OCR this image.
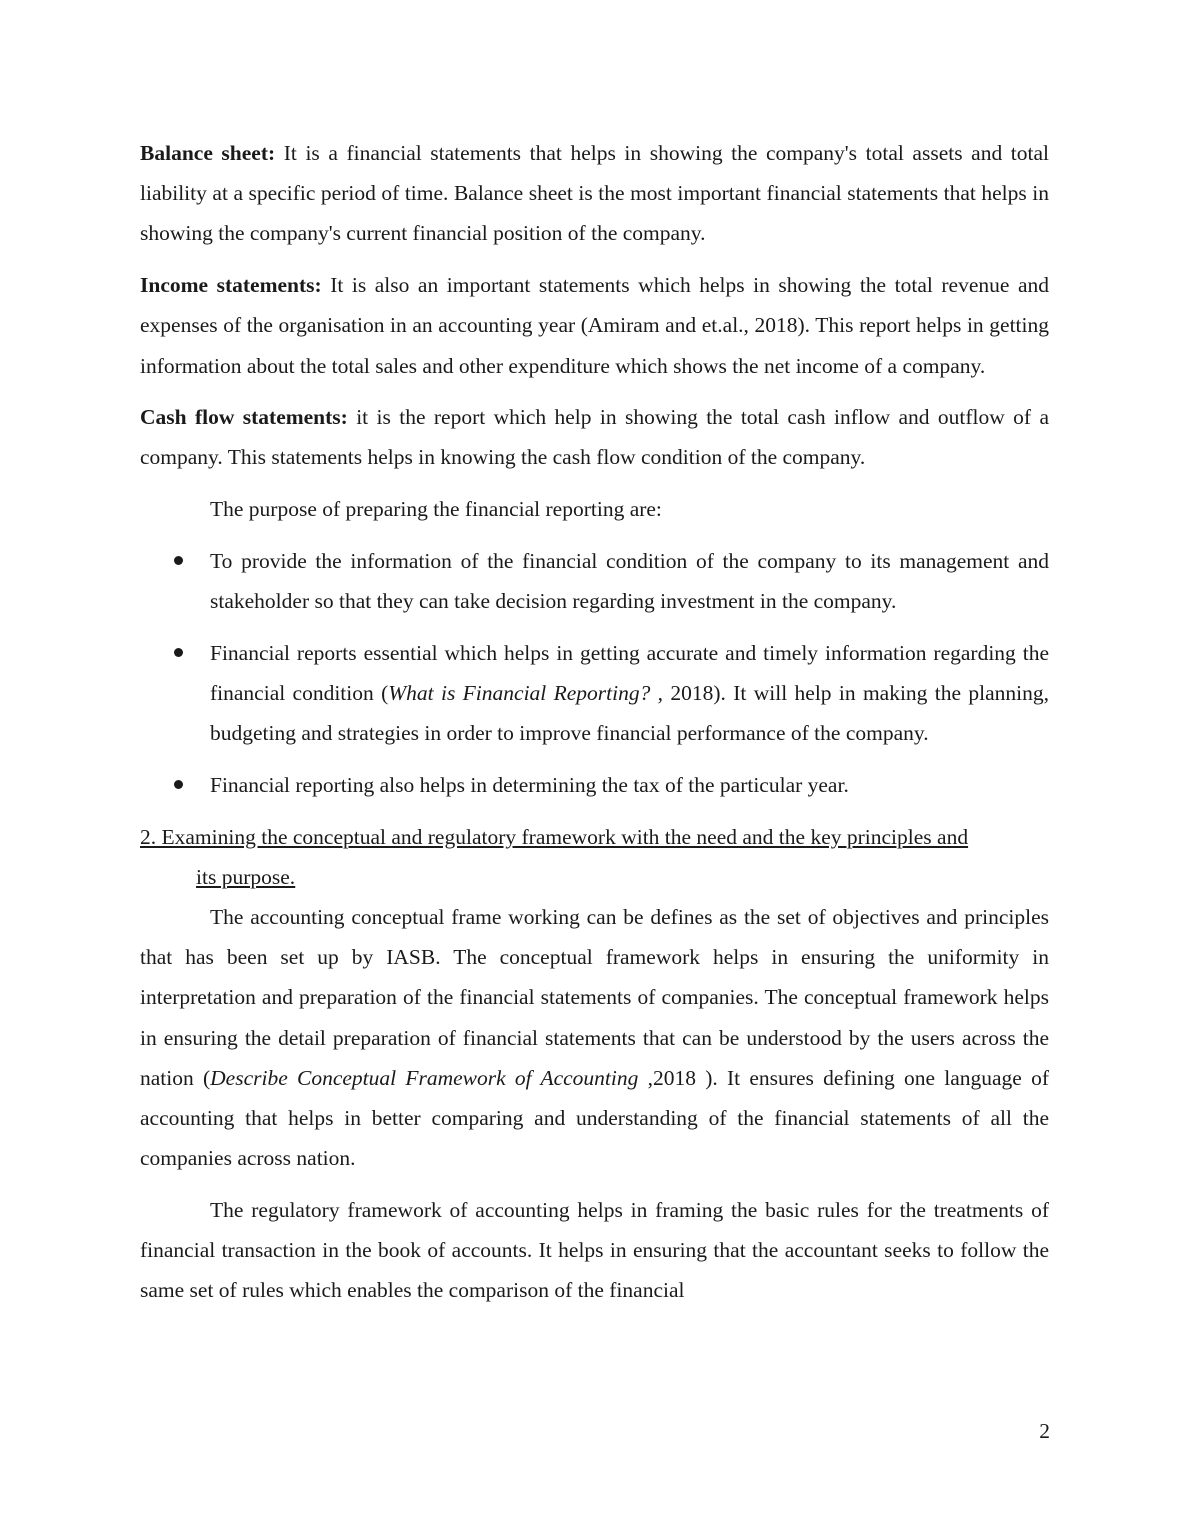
Balance sheet: It is a financial statements that helps in showing the company's total assets and total liability at a specific period of time. Balance sheet is the most important financial statements that helps in showing the company's current financial position of the company.

Income statements: It is also an important statements which helps in showing the total revenue and expenses of the organisation in an accounting year (Amiram and et.al., 2018). This report helps in getting information about the total sales and other expenditure which shows the net income of a company.

Cash flow statements: it is the report which help in showing the total cash inflow and outflow of a company. This statements helps in knowing the cash flow condition of the company.

The purpose of preparing the financial reporting are:

To provide the information of the financial condition of the company to its management and stakeholder so that they can take decision regarding investment in the company.
Financial reports essential which helps in getting accurate and timely information regarding the financial condition (What is Financial Reporting? , 2018). It will help in making the planning, budgeting and strategies in order to improve financial performance of the company.
Financial reporting also helps in determining the tax of the particular year.
2. Examining the conceptual and regulatory framework with the need and the key principles and
its purpose.

The accounting conceptual frame working can be defines as the set of objectives and principles that has been set up by IASB. The conceptual framework helps in ensuring the uniformity in interpretation and preparation of the financial statements of companies. The conceptual framework helps in ensuring the detail preparation of financial statements that can be understood by the users across the nation (Describe Conceptual Framework of Accounting ,2018 ). It ensures defining one language of accounting that helps in better comparing and understanding of the financial statements of all the companies across nation.

The regulatory framework of accounting helps in framing the basic rules for the treatments of financial transaction in the book of accounts. It helps in ensuring that the accountant seeks to follow the same set of rules which enables the comparison of the financial

2
